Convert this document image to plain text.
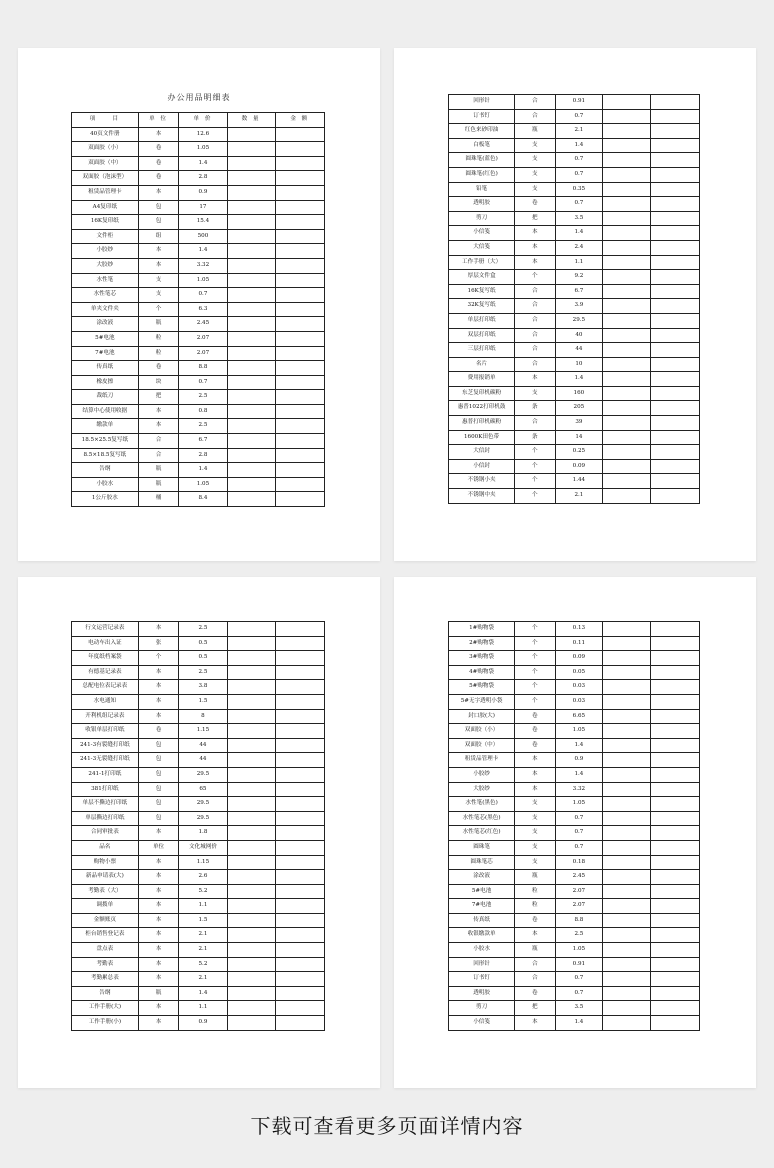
办公用品明细表
项　　目	单 位	单 价	数 量	金 额
40页文件册	本	12.6		
双面胶（小）	卷	1.05		
双面胶（中）	卷	1.4		
双面胶（泡沫型）	卷	2.8		
租赁品管理卡	本	0.9		
A4复印纸	包	17		
16K复印纸	包	15.4		
文件柜	组	500		
小胶纱	本	1.4		
大胶纱	本	3.32		
水性笔	支	1.05		
水性笔芯	支	0.7		
单夹文件夹	个	6.3		
涂改液	瓶	2.45		
5#电池	粒	2.07		
7#电池	粒	2.07		
传真纸	卷	8.8		
橡皮擦	块	0.7		
裁纸刀	把	2.5		
结算中心使用收据	本	0.8		
缴款单	本	2.5		
18.5×25.5复写纸	合	6.7		
8.5×18.5复写纸	合	2.8		
告纲	瓶	1.4		
小胶水	瓶	1.05		
1公斤胶水	桶	8.4		
回形针	合	0.91		
订书钉	合	0.7		
红色来砂印油	瓶	2.1		
白板笔	支	1.4		
圆珠笔(蓝色)	支	0.7		
圆珠笔(红色)	支	0.7		
铅笔	支	0.35		
透明胶	卷	0.7		
剪刀	把	3.5		
小信笺	本	1.4		
大信笺	本	2.4		
工作手册（大）	本	1.1		
厚层文件盒	个	9.2		
16K复写纸	合	6.7		
32K复写纸	合	3.9		
单层打印纸	合	29.5		
双层打印纸	合	40		
三层打印纸	合	44		
名片	合	10		
费用报销单	本	1.4		
东芝复印机碳粉	支	160		
惠普1022打印机鼓	条	205		
惠普打印机碳粉	合	39		
1600K田色带	条	14		
大信封	个	0.25		
小信封	个	0.09		
不锈钢小夹	个	1.44		
不锈钢中夹	个	2.1		
行文运营记录表	本	2.5		
电动车出入证	张	0.5		
年度纸档案袋	个	0.5		
有德基记录表	本	2.5		
总配电位表记录表	本	3.8		
水电通知	本	1.5		
开利机组记录表	本	8		
收银单层打印纸	卷	1.15		
241-3有裂缝打印纸	包	44		
241-3无裂缝打印纸	包	44		
241-1打印纸	包	29.5		
381打印纸	包	65		
单层不撕边打印纸	包	29.5		
单层撕边打印纸	包	29.5		
合同审批表	本	1.8		
品名	单位	文化城网价		
购物小票	本	1.15		
新品申请表(大)	本	2.6		
考勤表（大）	本	5.2		
调拨单	本	1.1		
金额账页	本	1.5		
柜台销售登记表	本	2.1		
盘点表	本	2.1		
考勤表	本	5.2		
考勤累总表	本	2.1		
告纲	瓶	1.4		
工作手册(大)	本	1.1		
工作手册(小)	本	0.9		
1#购物袋	个	0.13		
2#购物袋	个	0.11		
3#购物袋	个	0.09		
4#购物袋	个	0.05		
5#购物袋	个	0.03		
5#无字透明小袋	个	0.03		
封口胶(大)	卷	6.65		
双面胶（小）	卷	1.05		
双面胶（中）	卷	1.4		
租赁品管理卡	本	0.9		
小胶纱	本	1.4		
大胶纱	本	3.32		
水性笔(黑色)	支	1.05		
水性笔芯(黑色)	支	0.7		
水性笔芯(红色)	支	0.7		
圆珠笔	支	0.7		
圆珠笔芯	支	0.18		
涂改液	瓶	2.45		
5#电池	粒	2.07		
7#电池	粒	2.07		
传真纸	卷	8.8		
收银缴款单	本	2.5		
小胶水	瓶	1.05		
回形针	合	0.91		
订书钉	合	0.7		
透明胶	卷	0.7		
剪刀	把	3.5		
小信笺	本	1.4		
下载可查看更多页面详情内容
